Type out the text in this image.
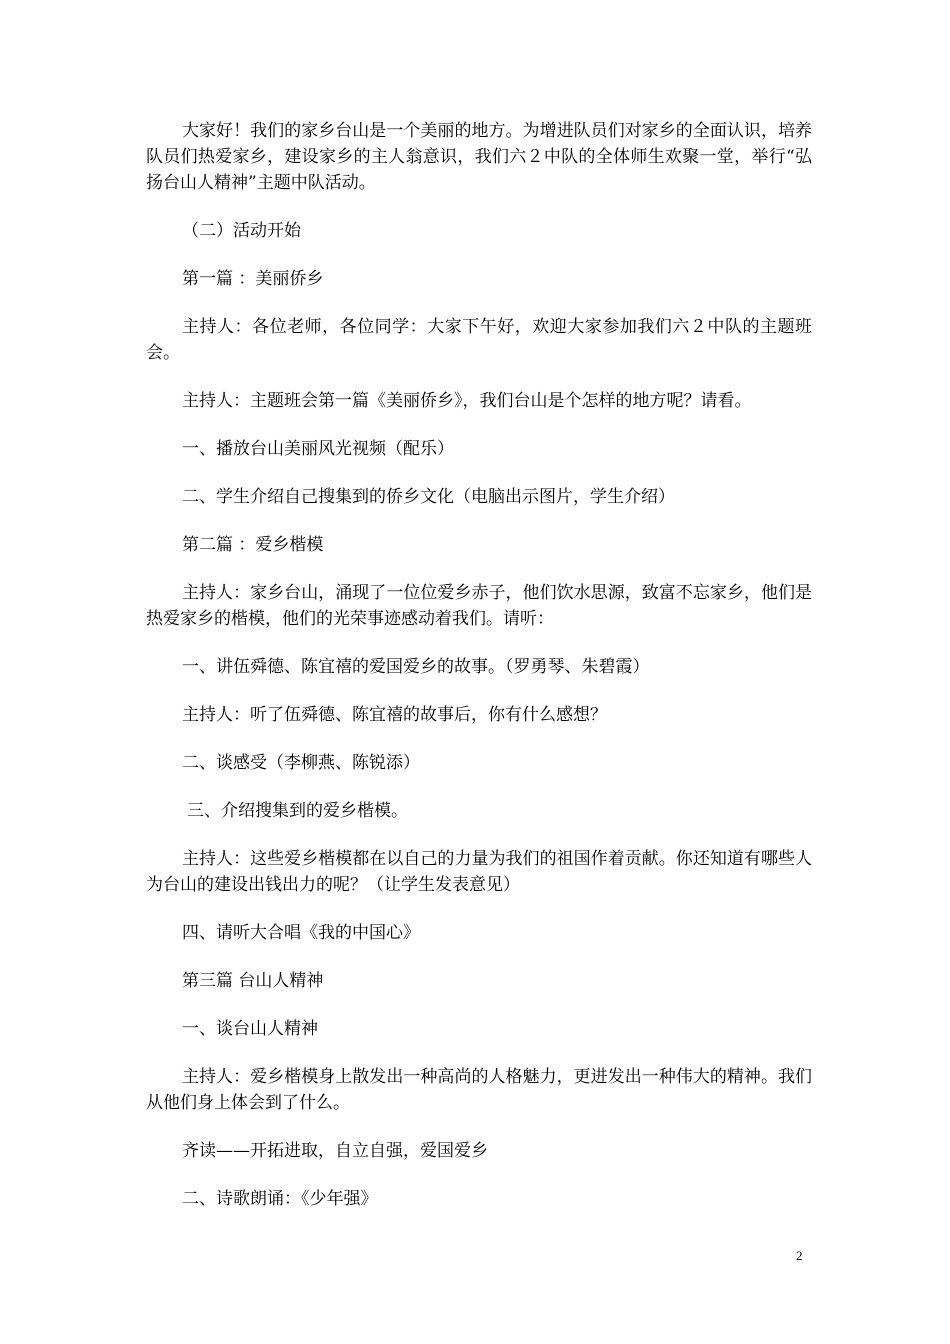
大家好！我们的家乡台山是一个美丽的地方。为增进队员们对家乡的全面认识，培养队员们热爱家乡，建设家乡的主人翁意识，我们六２中队的全体师生欢聚一堂，举行“弘扬台山人精神”主题中队活动。

（二）活动开始

第一篇 ：美丽侨乡

主持人：各位老师，各位同学：大家下午好，欢迎大家参加我们六２中队的主题班会。

主持人：主题班会第一篇《美丽侨乡》，我们台山是个怎样的地方呢？请看。

一、播放台山美丽风光视频（配乐）

二、学生介绍自己搜集到的侨乡文化（电脑出示图片，学生介绍）

第二篇 ：爱乡楷模

主持人：家乡台山，涌现了一位位爱乡赤子，他们饮水思源，致富不忘家乡，他们是热爱家乡的楷模，他们的光荣事迹感动着我们。请听：

一、讲伍舜德、陈宜禧的爱国爱乡的故事。（罗勇琴、朱碧霞）

主持人：听了伍舜德、陈宜禧的故事后，你有什么感想？

二、谈感受（李柳燕、陈锐添）

三、介绍搜集到的爱乡楷模。

主持人：这些爱乡楷模都在以自己的力量为我们的祖国作着贡献。你还知道有哪些人为台山的建设出钱出力的呢？（让学生发表意见）

四、请听大合唱《我的中国心》

第三篇 台山人精神

一、谈台山人精神

主持人：爱乡楷模身上散发出一种高尚的人格魅力，更进发出一种伟大的精神。我们从他们身上体会到了什么。

齐读——开拓进取，自立自强，爱国爱乡

二、诗歌朗诵：《少年强》

2
